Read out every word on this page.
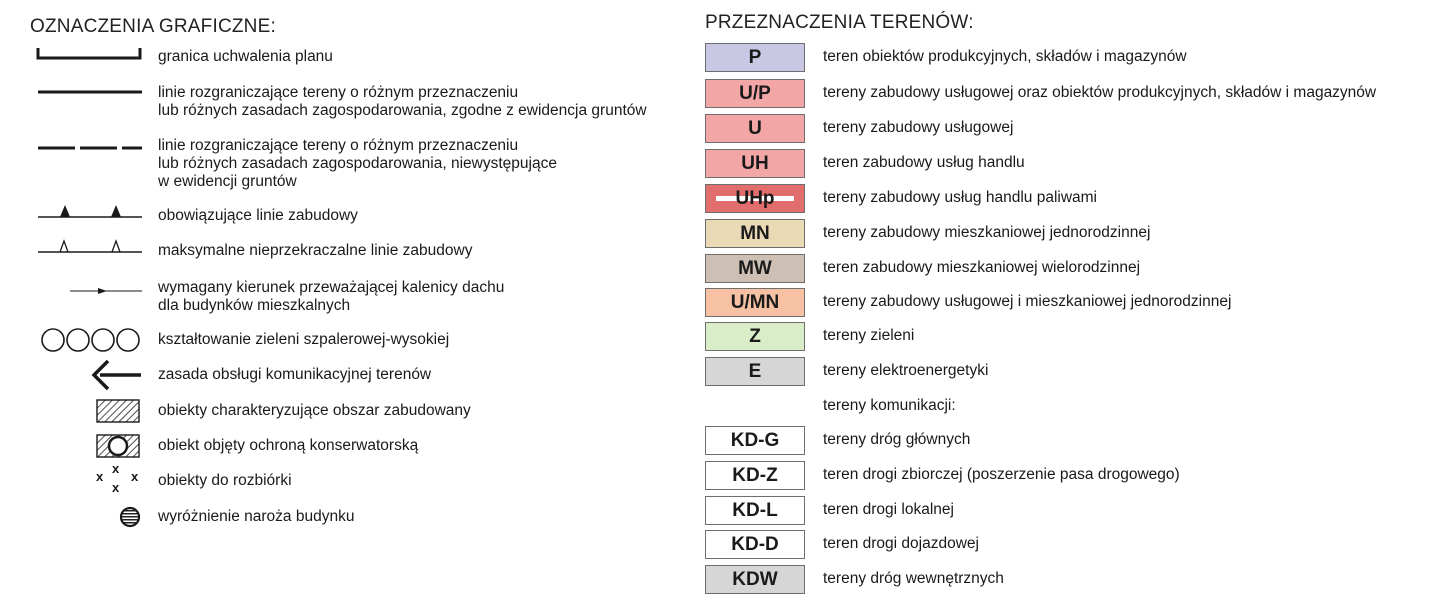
OZNACZENIA GRAFICZNE:	PRZEZNACZENIA TERENÓW:
granica uchwalenia planu
linie rozgraniczające tereny o różnym przeznaczeniu
lub różnych zasadach zagospodarowania, zgodne z ewidencja gruntów
linie rozgraniczające tereny o różnym przeznaczeniu
lub różnych zasadach zagospodarowania, niewystępujące
w ewidencji gruntów
obowiązujące linie zabudowy
maksymalne nieprzekraczalne linie zabudowy
wymagany kierunek przeważającej kalenicy dachu
dla budynków mieszkalnych
kształtowanie zieleni szpalerowej-wysokiej
zasada obsługi komunikacyjnej terenów
obiekty charakteryzujące obszar zabudowany
obiekt objęty ochroną konserwatorską
x
x
x
x	obiekty do rozbiórki
wyróżnienie naroża budynku
P	teren obiektów produkcyjnych, składów i magazynów
U/P	tereny zabudowy usługowej oraz obiektów produkcyjnych, składów i magazynów
U	tereny zabudowy usługowej
UH	teren zabudowy usług handlu
UHp	tereny zabudowy usług handlu paliwami
MN	tereny zabudowy mieszkaniowej jednorodzinnej
MW	teren zabudowy mieszkaniowej wielorodzinnej
U/MN	tereny zabudowy usługowej i mieszkaniowej jednorodzinnej
Z	tereny zieleni
E	tereny elektroenergetyki
tereny komunikacji:
KD-G	tereny dróg głównych
KD-Z	teren drogi zbiorczej (poszerzenie pasa drogowego)
KD-L	teren drogi lokalnej
KD-D	teren drogi dojazdowej
KDW	tereny dróg wewnętrznych
